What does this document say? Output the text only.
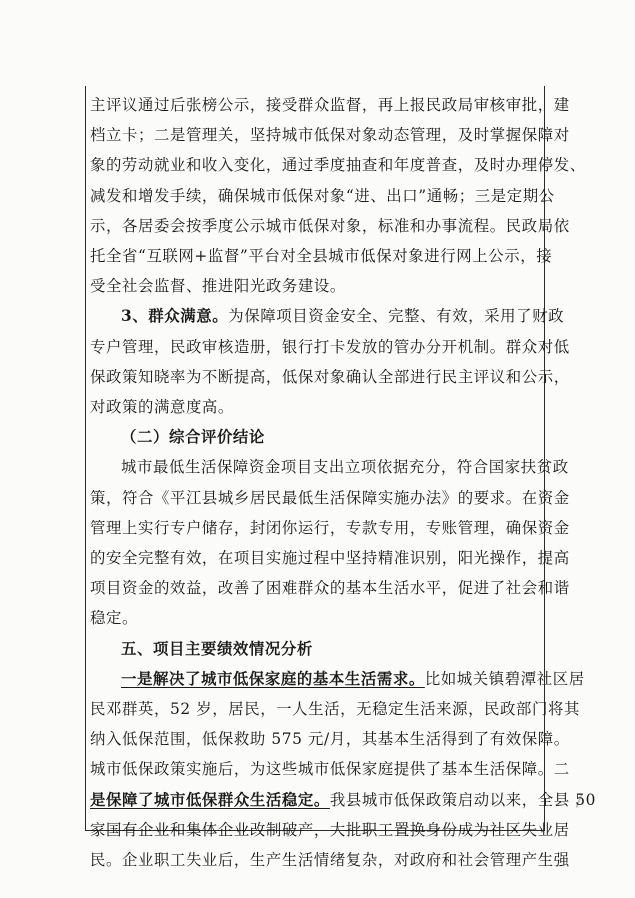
主评议通过后张榜公示，接受群众监督，再上报民政局审核审批，建
档立卡；二是管理关，坚持城市低保对象动态管理，及时掌握保障对
象的劳动就业和收入变化，通过季度抽查和年度普查，及时办理停发、
减发和增发手续，确保城市低保对象“进、出口”通畅；三是定期公
示，各居委会按季度公示城市低保对象，标准和办事流程。民政局依
托全省“互联网+监督”平台对全县城市低保对象进行网上公示，接
受全社会监督、推进阳光政务建设。
3、群众满意。为保障项目资金安全、完整、有效，采用了财政
专户管理，民政审核造册，银行打卡发放的管办分开机制。群众对低
保政策知晓率为不断提高，低保对象确认全部进行民主评议和公示，
对政策的满意度高。
（二）综合评价结论
城市最低生活保障资金项目支出立项依据充分，符合国家扶贫政
策，符合《平江县城乡居民最低生活保障实施办法》的要求。在资金
管理上实行专户储存，封闭你运行，专款专用，专账管理，确保资金
的安全完整有效，在项目实施过程中坚持精准识别，阳光操作，提高
项目资金的效益，改善了困难群众的基本生活水平，促进了社会和谐
稳定。
五、项目主要绩效情况分析
一是解决了城市低保家庭的基本生活需求。比如城关镇碧潭社区居
民邓群英，52 岁，居民，一人生活，无稳定生活来源，民政部门将其
纳入低保范围，低保救助 575 元/月，其基本生活得到了有效保障。
城市低保政策实施后，为这些城市低保家庭提供了基本生活保障。二
是保障了城市低保群众生活稳定。我县城市低保政策启动以来，全县 50
家国有企业和集体企业改制破产，大批职工置换身份成为社区失业居
民。企业职工失业后，生产生活情绪复杂，对政府和社会管理产生强
